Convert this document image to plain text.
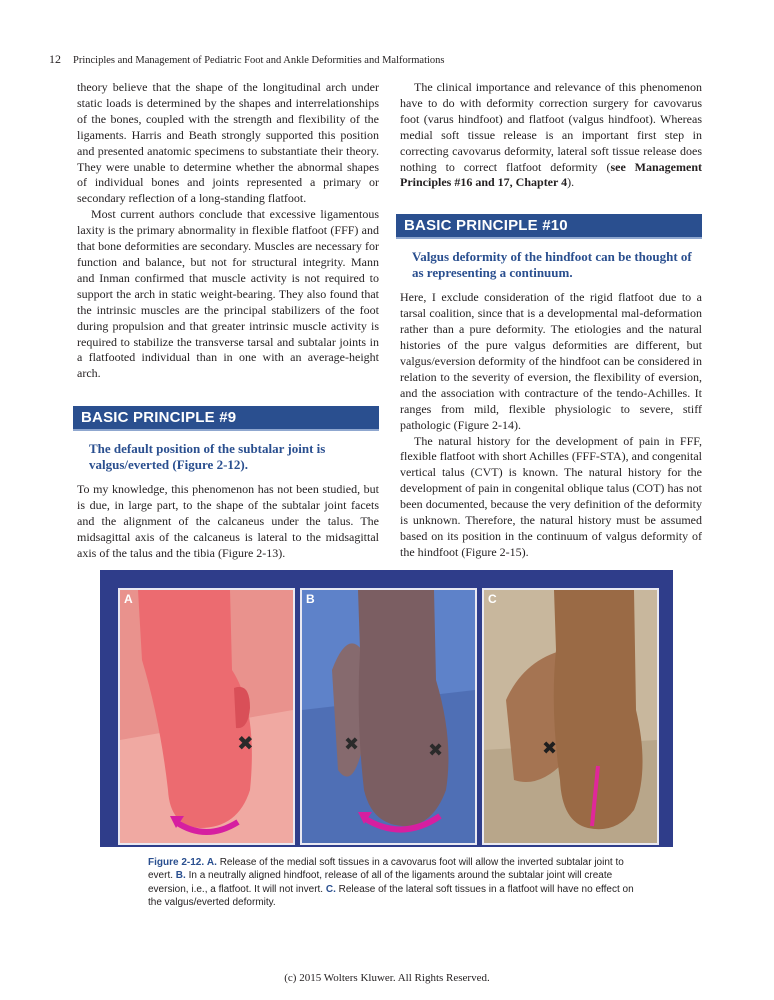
12 Principles and Management of Pediatric Foot and Ankle Deformities and Malformations

theory believe that the shape of the longitudinal arch under static loads is determined by the shapes and interrelationships of the bones, coupled with the strength and flexibility of the ligaments. Harris and Beath strongly supported this position and presented anatomic specimens to substantiate their theory. They were unable to determine whether the abnormal shapes of individual bones and joints represented a primary or secondary reflection of a long-standing flatfoot.

Most current authors conclude that excessive ligamentous laxity is the primary abnormality in flexible flatfoot (FFF) and that bone deformities are secondary. Muscles are necessary for function and balance, but not for structural integrity. Mann and Inman confirmed that muscle activity is not required to support the arch in static weight-bearing. They also found that the intrinsic muscles are the principal stabilizers of the foot during propulsion and that greater intrinsic muscle activity is required to stabilize the transverse tarsal and subtalar joints in a flatfooted individual than in one with an average-height arch.

BASIC PRINCIPLE #9
The default position of the subtalar joint is valgus/everted (Figure 2-12).

To my knowledge, this phenomenon has not been studied, but is due, in large part, to the shape of the subtalar joint facets and the alignment of the calcaneus under the talus. The midsagittal axis of the calcaneus is lateral to the midsagittal axis of the talus and the tibia (Figure 2-13).

The clinical importance and relevance of this phenomenon have to do with deformity correction surgery for cavovarus foot (varus hindfoot) and flatfoot (valgus hindfoot). Whereas medial soft tissue release is an important first step in correcting cavovarus deformity, lateral soft tissue release does nothing to correct flatfoot deformity (see Management Principles #16 and 17, Chapter 4).

BASIC PRINCIPLE #10
Valgus deformity of the hindfoot can be thought of as representing a continuum.

Here, I exclude consideration of the rigid flatfoot due to a tarsal coalition, since that is a developmental mal-deformation rather than a pure deformity. The etiologies and the natural histories of the pure valgus deformities are different, but valgus/eversion deformity of the hindfoot can be considered in relation to the severity of eversion, the flexibility of eversion, and the association with contracture of the tendo-Achilles. It ranges from mild, flexible physiologic to severe, stiff pathologic (Figure 2-14).

The natural history for the development of pain in FFF, flexible flatfoot with short Achilles (FFF-STA), and congenital vertical talus (CVT) is known. The natural history for the development of pain in congenital oblique talus (COT) has not been documented, because the very definition of the deformity is unknown. Therefore, the natural history must be assumed based on its position in the continuum of valgus deformity of the hindfoot (Figure 2-15).

✖
A
✖	✖
B
✖
C
Figure 2-12. A. Release of the medial soft tissues in a cavovarus foot will allow the inverted subtalar joint to evert. B. In a neutrally aligned hindfoot, release of all of the ligaments around the subtalar joint will create eversion, i.e., a flatfoot. It will not invert. C. Release of the lateral soft tissues in a flatfoot will have no effect on the valgus/everted deformity.
(c) 2015 Wolters Kluwer. All Rights Reserved.
